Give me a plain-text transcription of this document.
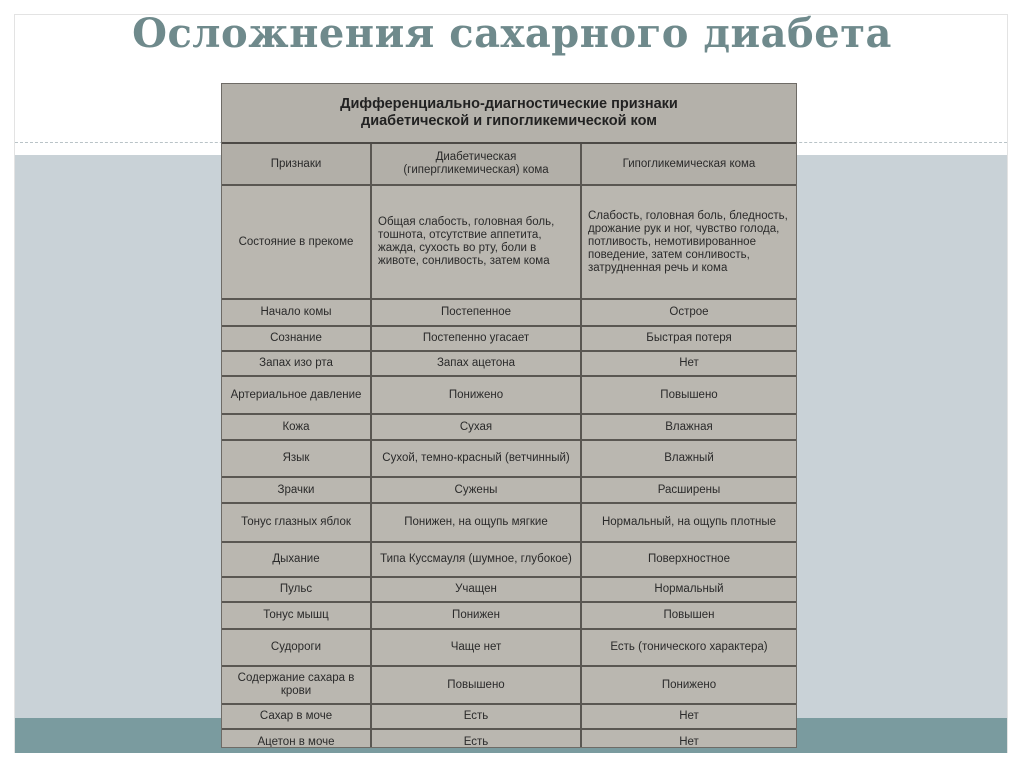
Осложнения сахарного диабета
Дифференциально-диагностические признаки
диабетической и гипогликемической ком
Признаки	Диабетическая (гипергликемическая) кома	Гипогликемическая кома
Состояние в прекоме	Общая слабость, головная боль, тошнота, отсутствие аппетита, жажда, сухость во рту, боли в животе, сонливость, затем кома	Слабость, головная боль, бледность, дрожание рук и ног, чувство голода, потливость, немотивированное поведение, затем сонливость, затрудненная речь и кома
Начало комы	Постепенное	Острое
Сознание	Постепенно угасает	Быстрая потеря
Запах изо рта	Запах ацетона	Нет
Артериальное давление	Понижено	Повышено
Кожа	Сухая	Влажная
Язык	Сухой, темно-красный (ветчинный)	Влажный
Зрачки	Сужены	Расширены
Тонус глазных яблок	Понижен, на ощупь мягкие	Нормальный, на ощупь плотные
Дыхание	Типа Куссмауля (шумное, глубокое)	Поверхностное
Пульс	Учащен	Нормальный
Тонус мышц	Понижен	Повышен
Судороги	Чаще нет	Есть (тонического характера)
Содержание сахара в крови	Повышено	Понижено
Сахар в моче	Есть	Нет
Ацетон в моче	Есть	Нет
